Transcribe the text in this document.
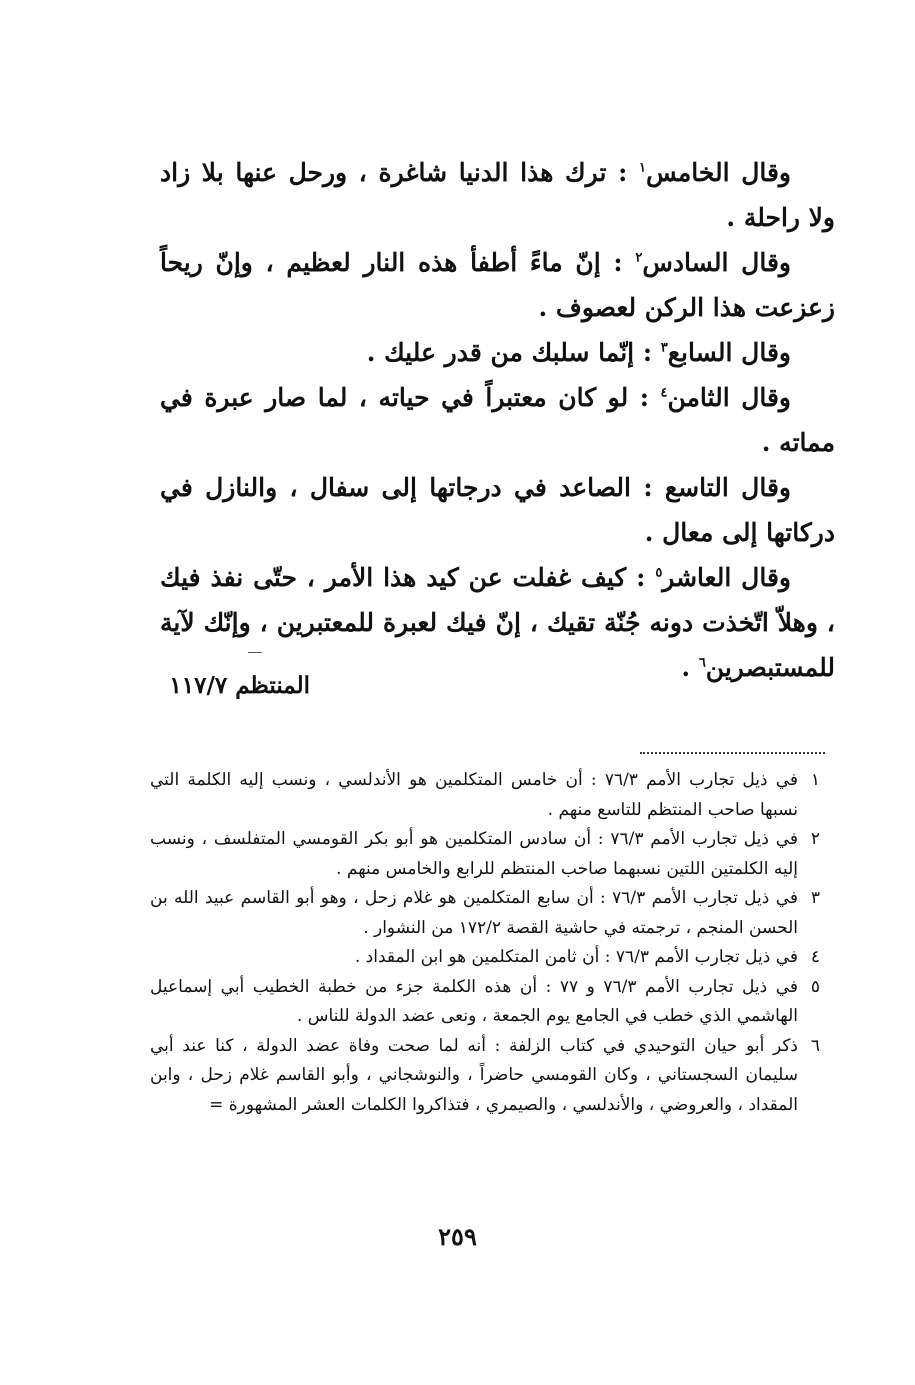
وقال الخامس$^١$ : ترك هذا الدنيا شاغرة ، ورحل عنها بلا زاد ولا راحلة .

وقال السادس$^٢$ : إنّ ماءً أطفأ هذه النار لعظيم ، وإنّ ريحاً زعزعت هذا الركن لعصوف .

وقال السابع$^٣$ : إنّما سلبك من قدر عليك .

وقال الثامن$^٤$ : لو كان معتبراً في حياته ، لما صار عبرة في مماته .

وقال التاسع : الصاعد في درجاتها إلى سفال ، والنازل في دركاتها إلى معال .

وقال العاشر$^٥$ : كيف غفلت عن كيد هذا الأمر ، حتّى نفذ فيك ، وهلاّ اتّخذت دونه جُنّة تقيك ، إنّ فيك لعبرة للمعتبرين ، وإنّك لآية للمستبصرين$^٦$ .

المنتظم ١١٧/٧
١
في ذيل تجارب الأمم ٧٦/٣ : أن خامس المتكلمين هو الأندلسي ، ونسب إليه الكلمة التي نسبها صاحب المنتظم للتاسع منهم .
٢
في ذيل تجارب الأمم ٧٦/٣ : أن سادس المتكلمين هو أبو بكر القومسي المتفلسف ، ونسب إليه الكلمتين اللتين نسبهما صاحب المنتظم للرابع والخامس منهم .
٣
في ذيل تجارب الأمم ٧٦/٣ : أن سابع المتكلمين هو غلام زحل ، وهو أبو القاسم عبيد الله بن الحسن المنجم ، ترجمته في حاشية القصة ١٧٢/٢ من النشوار .
٤
في ذيل تجارب الأمم ٧٦/٣ : أن ثامن المتكلمين هو ابن المقداد .
٥
في ذيل تجارب الأمم ٧٦/٣ و ٧٧ : أن هذه الكلمة جزء من خطبة الخطيب أبي إسماعيل الهاشمي الذي خطب في الجامع يوم الجمعة ، ونعى عضد الدولة للناس .
٦
ذكر أبو حيان التوحيدي في كتاب الزلفة : أنه لما صحت وفاة عضد الدولة ، كنا عند أبي سليمان السجستاني ، وكان القومسي حاضراً ، والنوشجاني ، وأبو القاسم غلام زحل ، وابن المقداد ، والعروضي ، والأندلسي ، والصيمري ، فتذاكروا الكلمات العشر المشهورة =
٢٥٩
